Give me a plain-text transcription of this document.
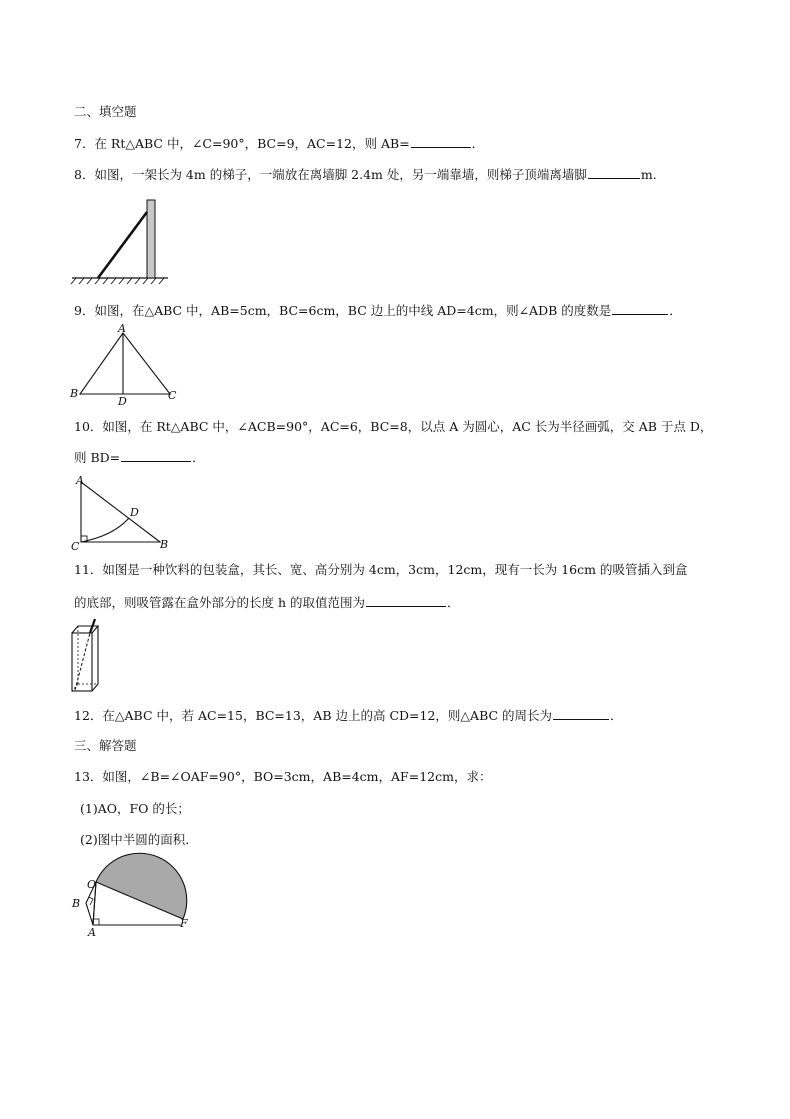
二、填空题
7．在 Rt△ABC 中，∠C=90°，BC=9，AC=12，则 AB=	．
8．如图，一架长为 4m 的梯子，一端放在离墙脚 2.4m 处，另一端靠墙，则梯子顶端离墙脚	m.
9．如图，在△ABC 中，AB=5cm，BC=6cm，BC 边上的中线 AD=4cm，则∠ADB 的度数是	．
A
B	C
D
10．如图，在 Rt△ABC 中，∠ACB=90°，AC=6，BC=8，以点 A 为圆心，AC 长为半径画弧，交 AB 于点 D，
则 BD=	．
A
D
C	B
11．如图是一种饮料的包装盒，其长、宽、高分别为 4cm，3cm，12cm，现有一长为 16cm 的吸管插入到盒
的底部，则吸管露在盒外部分的长度 h 的取值范围为	．
12．在△ABC 中，若 AC=15，BC=13，AB 边上的高 CD=12，则△ABC 的周长为	．
三、解答题
13．如图，∠B=∠OAF=90°，BO=3cm，AB=4cm，AF=12cm，求：
(1)AO，FO 的长；
(2)图中半圆的面积．
O
B
A
F
